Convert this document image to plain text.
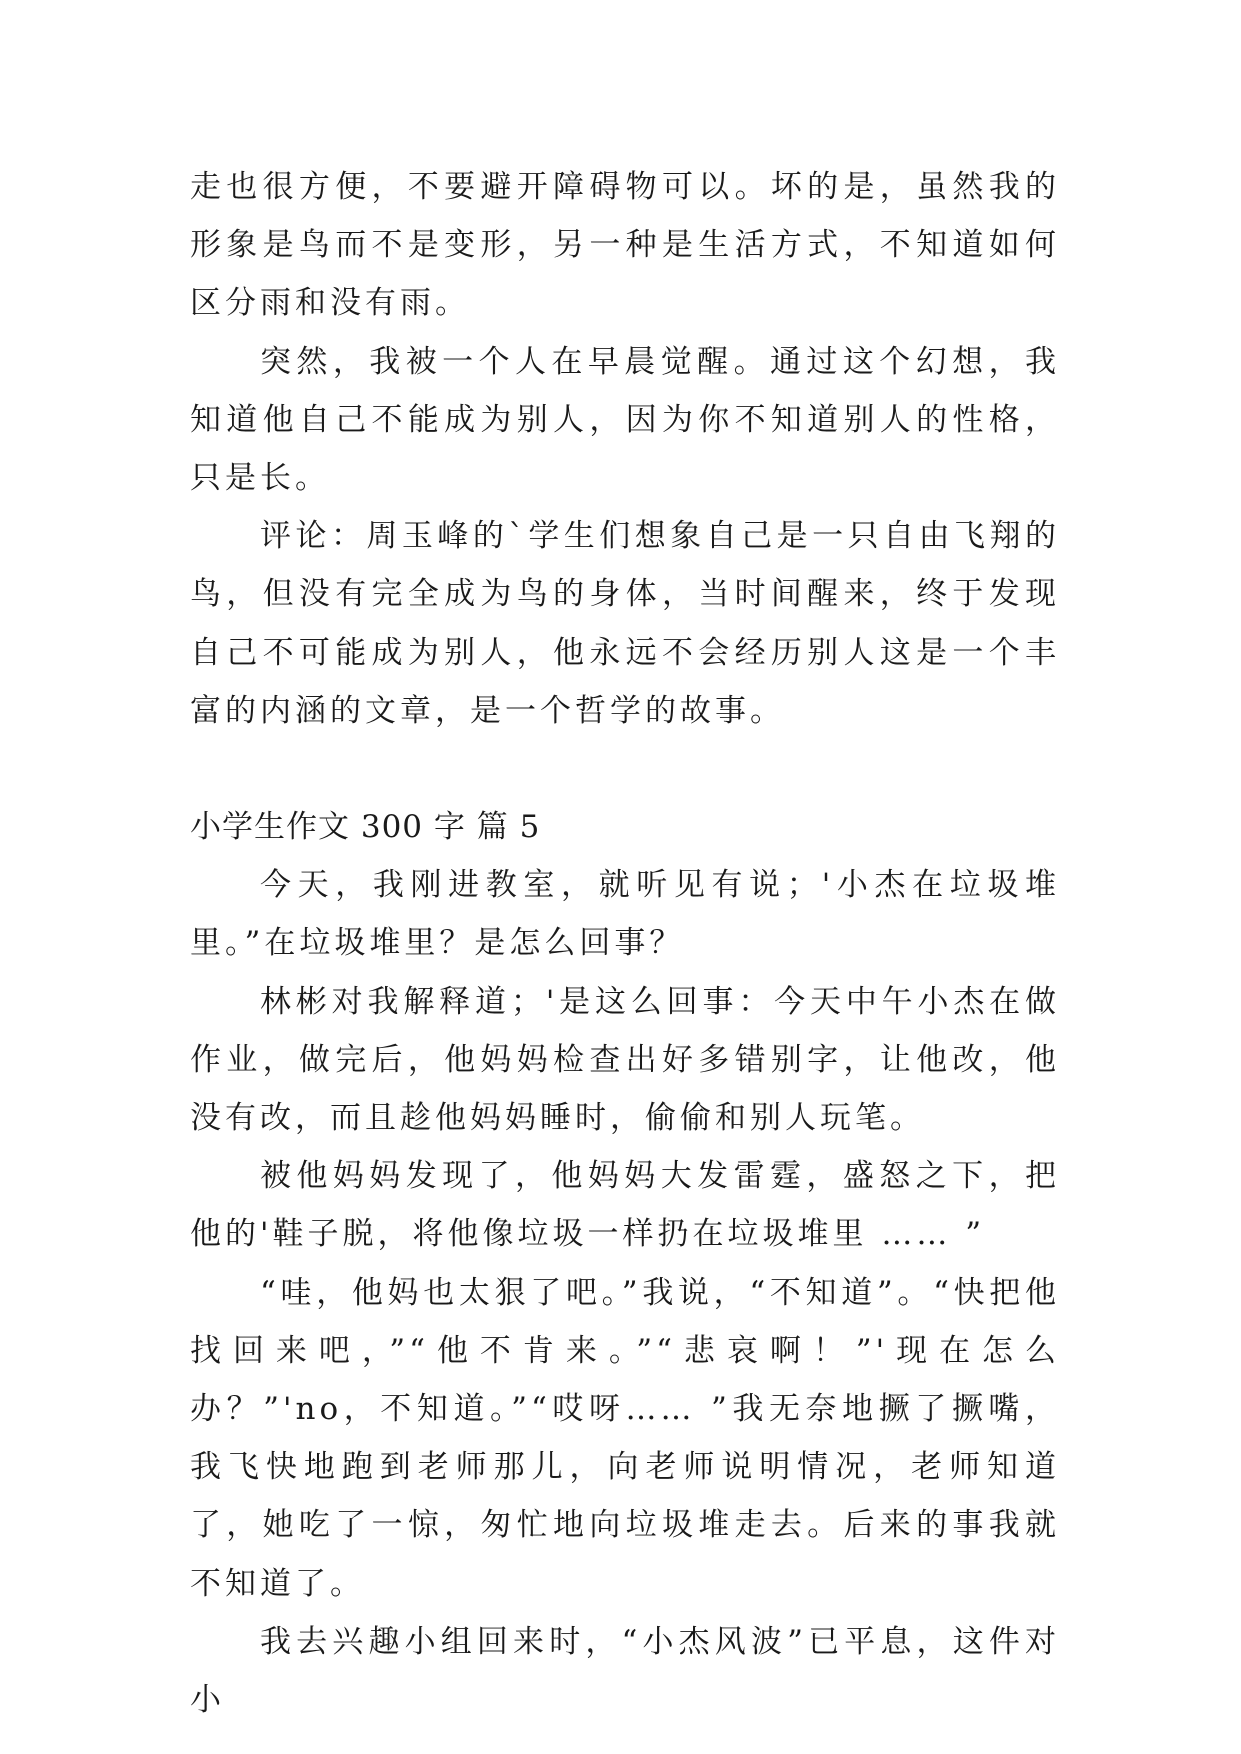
走也很方便，不要避开障碍物可以。坏的是，虽然我的形象是鸟而不是变形，另一种是生活方式，不知道如何区分雨和没有雨。

突然，我被一个人在早晨觉醒。通过这个幻想，我知道他自己不能成为别人，因为你不知道别人的性格，只是长。

评论：周玉峰的`学生们想象自己是一只自由飞翔的鸟，但没有完全成为鸟的身体，当时间醒来，终于发现自己不可能成为别人，他永远不会经历别人这是一个丰富的内涵的文章，是一个哲学的故事。

小学生作文 300 字 篇 5

今天，我刚进教室，就听见有说；'小杰在垃圾堆里。”在垃圾堆里？是怎么回事？

林彬对我解释道；'是这么回事：今天中午小杰在做作业，做完后，他妈妈检查出好多错别字，让他改，他没有改，而且趁他妈妈睡时，偷偷和别人玩笔。

被他妈妈发现了，他妈妈大发雷霆，盛怒之下，把他的'鞋子脱，将他像垃圾一样扔在垃圾堆里 …… ”

“哇，他妈也太狠了吧。”我说，“不知道”。“快把他找回来吧，”“他不肯来。”“悲哀啊！”'现在怎么办？”'no，不知道。”“哎呀…… ”我无奈地撅了撅嘴，我飞快地跑到老师那儿，向老师说明情况，老师知道了，她吃了一惊，匆忙地向垃圾堆走去。后来的事我就不知道了。

我去兴趣小组回来时，“小杰风波”已平息，这件对小
